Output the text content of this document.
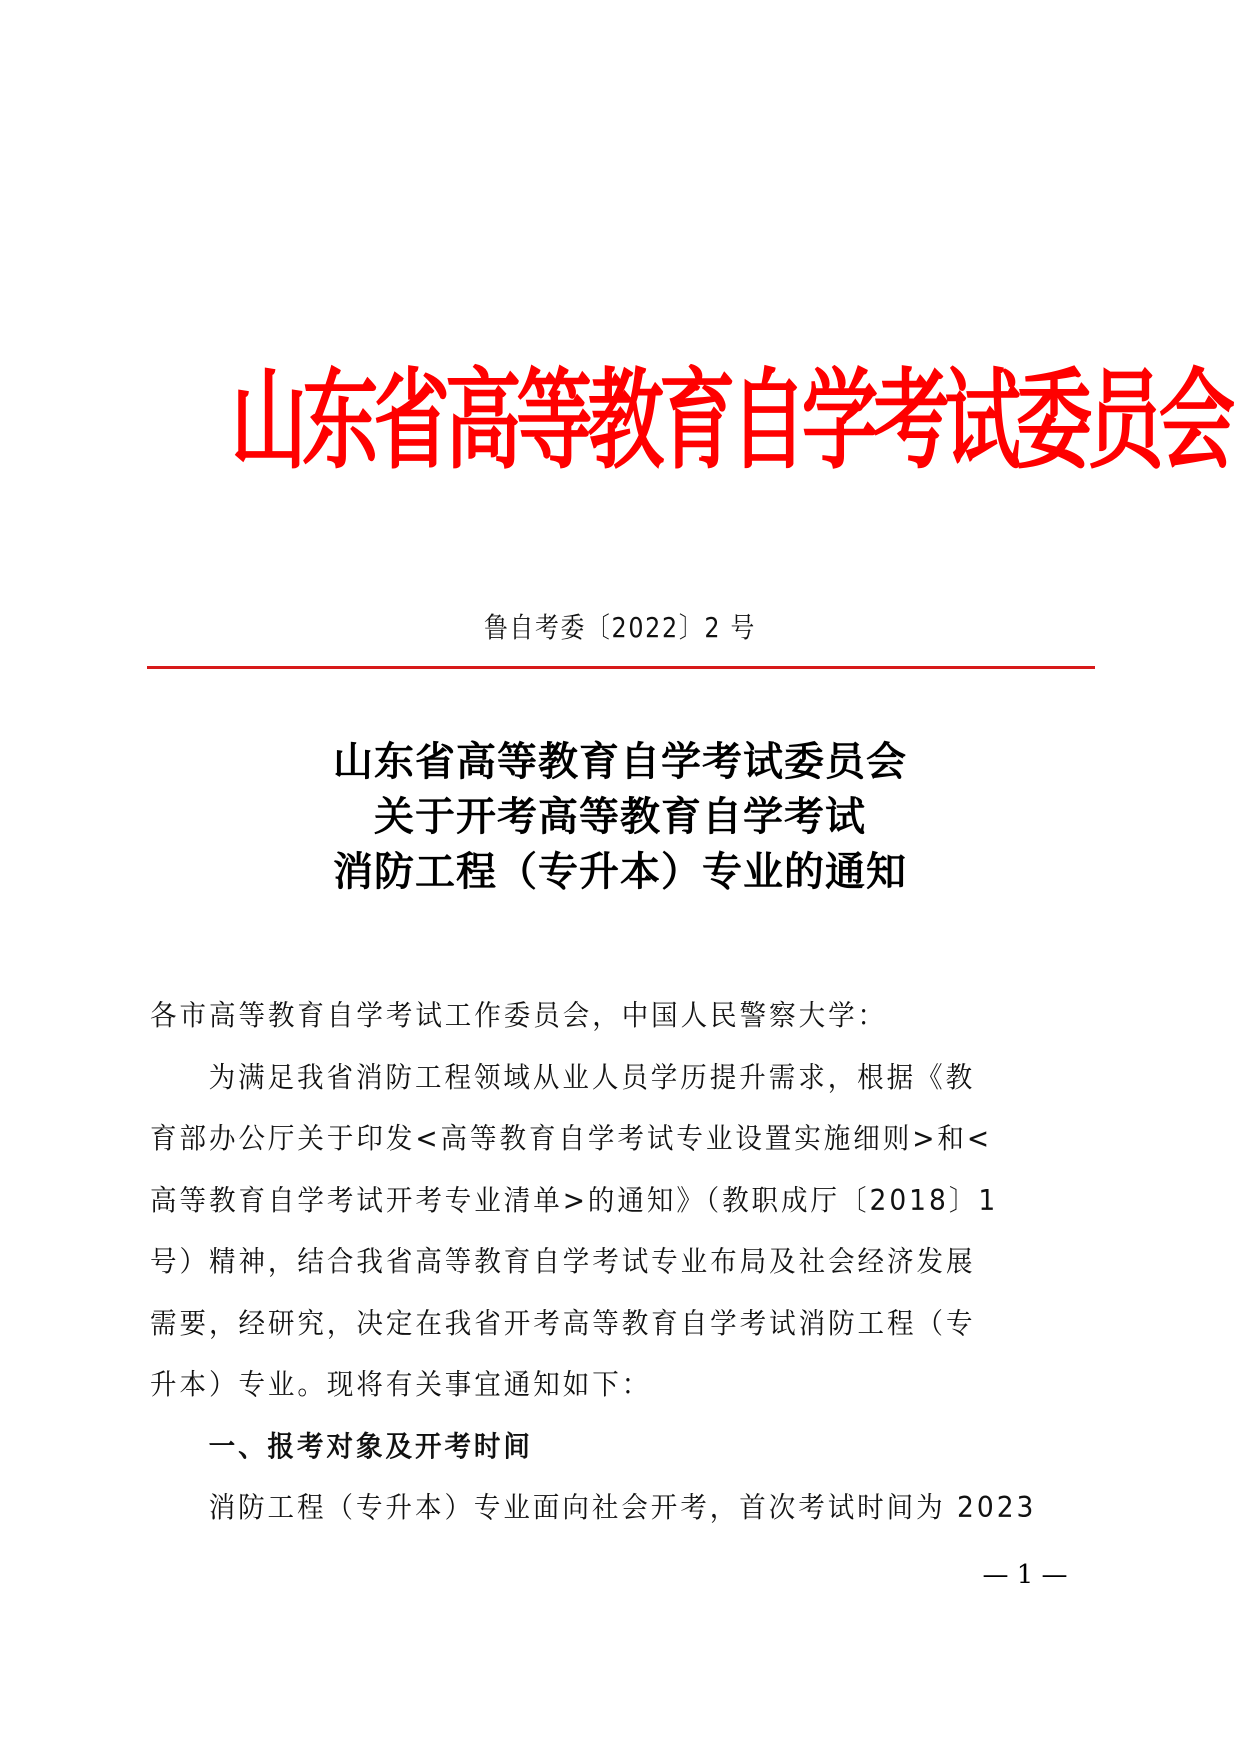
山东省高等教育自学考试委员会
鲁自考委〔2022〕2 号
山东省高等教育自学考试委员会
关于开考高等教育自学考试
消防工程（专升本）专业的通知
各市高等教育自学考试工作委员会，中国人民警察大学：
为满足我省消防工程领域从业人员学历提升需求，根据《教
育部办公厅关于印发<高等教育自学考试专业设置实施细则>和<
高等教育自学考试开考专业清单>的通知》（教职成厅〔2018〕1
号）精神，结合我省高等教育自学考试专业布局及社会经济发展
需要，经研究，决定在我省开考高等教育自学考试消防工程（专
升本）专业。现将有关事宜通知如下：
一、报考对象及开考时间
消防工程（专升本）专业面向社会开考，首次考试时间为 2023
— 1 —
